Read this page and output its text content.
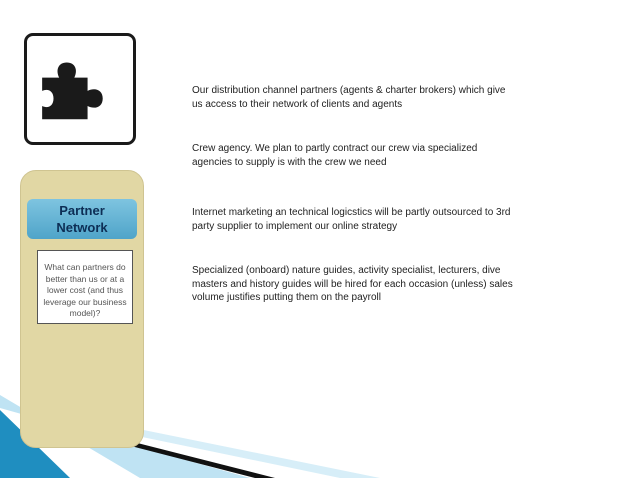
Partner
Network
What can partners do better than us or at a lower cost (and thus leverage our business model)?
Our distribution channel partners (agents & charter brokers) which give
us access to their network of clients and agents
Crew agency. We plan to partly contract our crew via specialized
agencies to supply is with the crew we need
Internet marketing an technical logicstics will be partly outsourced to 3rd
party supplier to implement our online strategy
Specialized (onboard) nature guides, activity specialist, lecturers, dive
masters and history guides will be hired for each occasion (unless) sales
volume justifies putting them on the payroll
